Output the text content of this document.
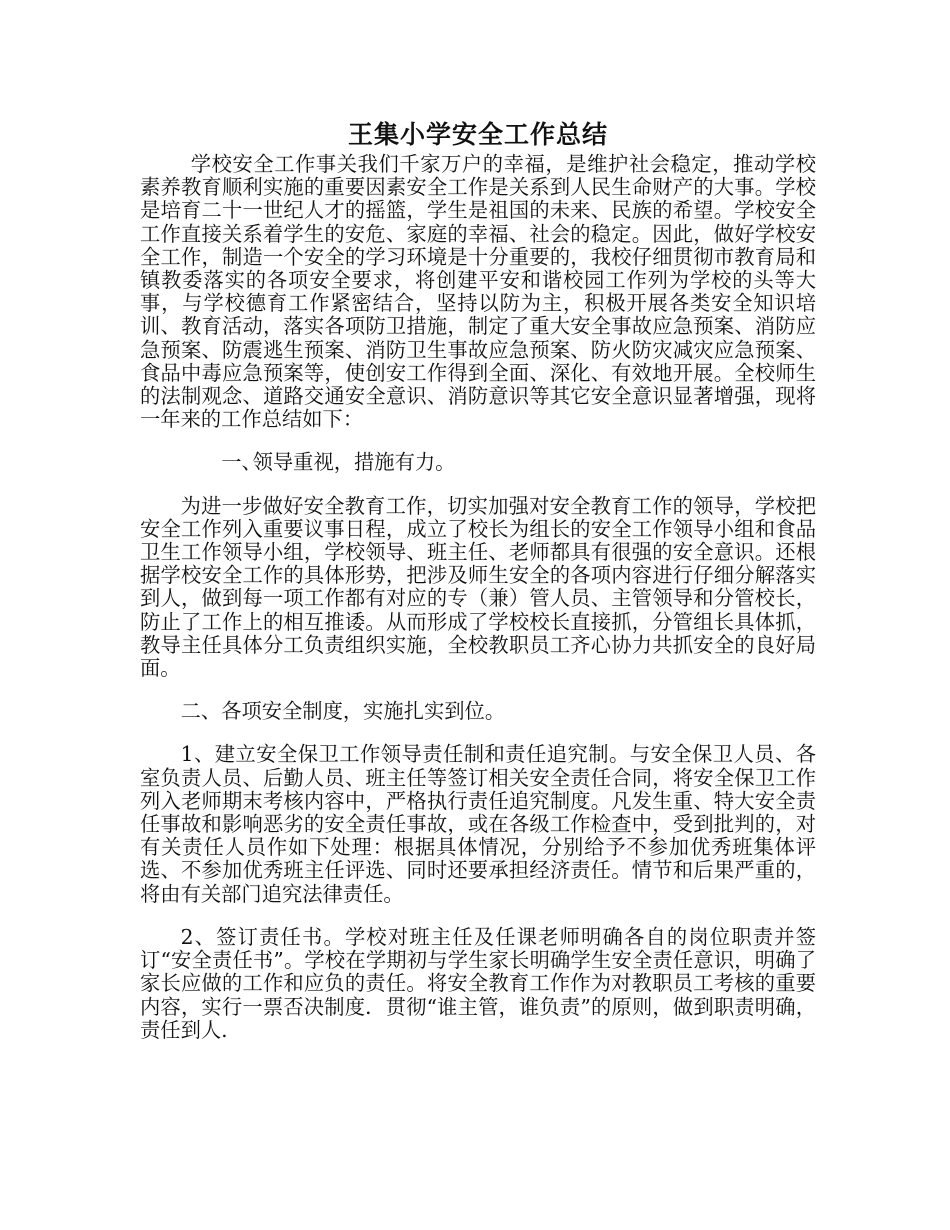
王集小学安全工作总结

学校安全工作事关我们千家万户的幸福，是维护社会稳定，推动学校素养教育顺利实施的重要因素安全工作是关系到人民生命财产的大事。学校是培育二十一世纪人才的摇篮，学生是祖国的未来、民族的希望。学校安全工作直接关系着学生的安危、家庭的幸福、社会的稳定。因此，做好学校安全工作，制造一个安全的学习环境是十分重要的，我校仔细贯彻市教育局和镇教委落实的各项安全要求，将创建平安和谐校园工作列为学校的头等大事，与学校德育工作紧密结合，坚持以防为主，积极开展各类安全知识培训、教育活动，落实各项防卫措施，制定了重大安全事故应急预案、消防应急预案、防震逃生预案、消防卫生事故应急预案、防火防灾减灾应急预案、食品中毒应急预案等，使创安工作得到全面、深化、有效地开展。全校师生的法制观念、道路交通安全意识、消防意识等其它安全意识显著增强，现将一年来的工作总结如下：

一、领导重视，措施有力。

为进一步做好安全教育工作，切实加强对安全教育工作的领导，学校把安全工作列入重要议事日程，成立了校长为组长的安全工作领导小组和食品卫生工作领导小组，学校领导、班主任、老师都具有很强的安全意识。还根据学校安全工作的具体形势，把涉及师生安全的各项内容进行仔细分解落实到人，做到每一项工作都有对应的专（兼）管人员、主管领导和分管校长，防止了工作上的相互推诿。从而形成了学校校长直接抓，分管组长具体抓，教导主任具体分工负责组织实施，全校教职员工齐心协力共抓安全的良好局面。

二、各项安全制度，实施扎实到位。

1、建立安全保卫工作领导责任制和责任追究制。与安全保卫人员、各室负责人员、后勤人员、班主任等签订相关安全责任合同，将安全保卫工作列入老师期末考核内容中，严格执行责任追究制度。凡发生重、特大安全责任事故和影响恶劣的安全责任事故，或在各级工作检查中，受到批判的，对有关责任人员作如下处理：根据具体情况，分别给予不参加优秀班集体评选、不参加优秀班主任评选、同时还要承担经济责任。情节和后果严重的，将由有关部门追究法律责任。

2、签订责任书。学校对班主任及任课老师明确各自的岗位职责并签订“安全责任书”。学校在学期初与学生家长明确学生安全责任意识，明确了家长应做的工作和应负的责任。将安全教育工作作为对教职员工考核的重要内容，实行一票否决制度．贯彻“谁主管，谁负责”的原则，做到职责明确，责任到人.
